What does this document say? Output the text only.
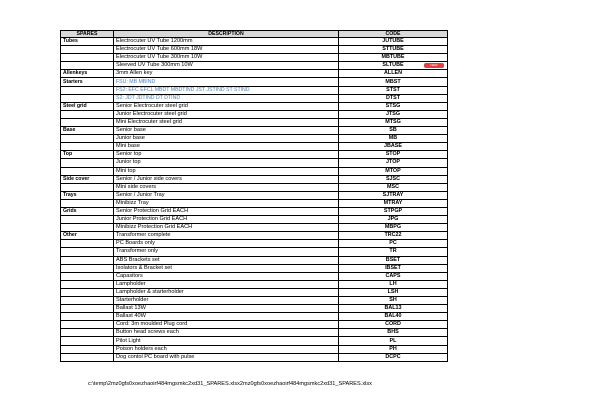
SPARES	DESCRIPTION	CODE
Tubes	Electrocuter UV Tube 1200mm	JUTUBE
	Electrocuter UV Tube 600mm 18W	STTUBE
	Electrocuter UV Tube 300mm 10W	MBTUBE
	Sleeved UV Tube 300mm 10W	SLTUBE NEW

Allenkeys	3mm Allen key	ALLEN
Starters	FSU: MB MBIND	MBST
	FS2: EFC EFCL MBDT MBDTIND JST JSTIND ST STIND	STST
	S2: JDT JDTIND DT DTIND	DTST
Steel grid	Senior Electrocuter steel grid	STSG
	Junior Electrocuter steel grid	JTSG
	Mini Electrocuter steel grid	MTSG
Base	Senior base	SB
	Junior base	MB
	Mini base	JBASE
Top	Senior top	STOP
	Junior top	JTOP
	Mini top	MTOP
Side cover	Senior / Junior side covers	SJSC
	Mini side covers	MSC
Trays	Senior / Junior Tray	SJTRAY
	Minibizz Tray	MTRAY
Grids	Senior Protection Grid EACH	STPGP
	Junior Protection Grid EACH	JPG
	Minibizz Protection Grid EACH	MBPG
Other	Transformer complete	TRC22
	PC Boards only	PC
	Transformer only	TR
	ABS Brackets set	BSET
	Isolators & Bracket set	IBSET
	Capasitors	CAPS
	Lampholder	LH
	Lampholder & starterholder	LSH
	Starterholder	SH
	Ballast 13W	BAL13
	Ballast 40W	BAL40
	Cord: 3m moulded Plug cord	CORD
	Button head screws each	BHS
	Pilot Light	PL
	Poison holders each	PH
	Dog contol PC board with pulse	DCPC
c:\temp\2mz0gfs0xoezhaoirf484mgsmkc2xd31_SPARES.xlsx2mz0gfs0xoezhaoirf484mgsmkc2xd31_SPARES.xlsx
